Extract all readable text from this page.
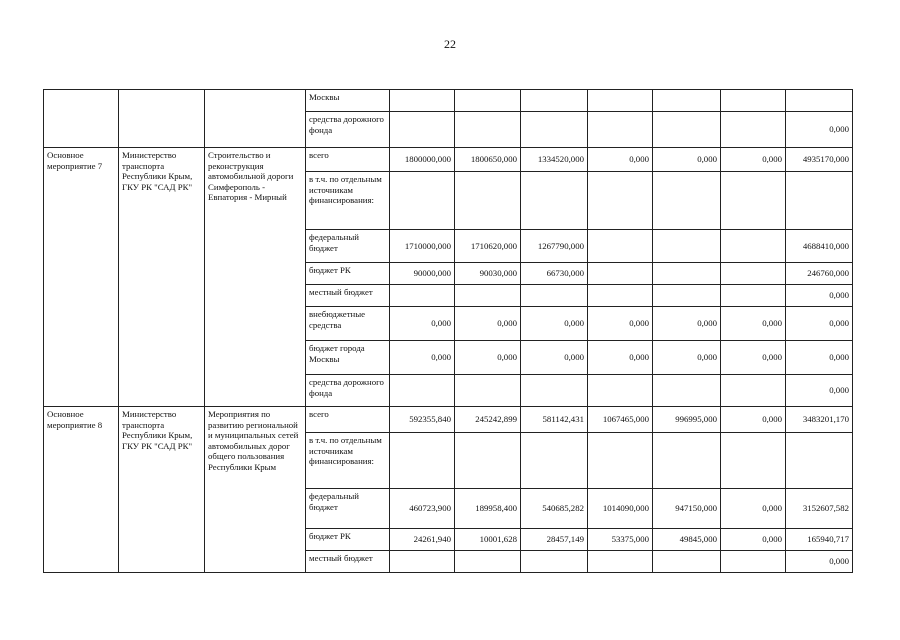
22
			Москвы							
			средства дорожного фонда							0,000
Основное мероприятие 7	Министерство транспорта Республики Крым, ГКУ РК "САД РК"	Строительство и реконструкция автомобильной дороги Симферополь - Евпатория - Мирный	всего	1800000,000	1800650,000	1334520,000	0,000	0,000	0,000	4935170,000
			в т.ч. по отдельным источникам финансирования:							
			федеральный бюджет	1710000,000	1710620,000	1267790,000				4688410,000
			бюджет РК	90000,000	90030,000	66730,000				246760,000
			местный бюджет							0,000
			внебюджетные средства	0,000	0,000	0,000	0,000	0,000	0,000	0,000
			бюджет города Москвы	0,000	0,000	0,000	0,000	0,000	0,000	0,000
			средства дорожного фонда							0,000
Основное мероприятие 8	Министерство транспорта Республики Крым, ГКУ РК "САД РК"	Мероприятия по развитию региональной и муниципальных сетей автомобильных дорог общего пользования Республики Крым	всего	592355,840	245242,899	581142,431	1067465,000	996995,000	0,000	3483201,170
			в т.ч. по отдельным источникам финансирования:							
			федеральный бюджет	460723,900	189958,400	540685,282	1014090,000	947150,000	0,000	3152607,582
			бюджет РК	24261,940	10001,628	28457,149	53375,000	49845,000	0,000	165940,717
			местный бюджет							0,000
